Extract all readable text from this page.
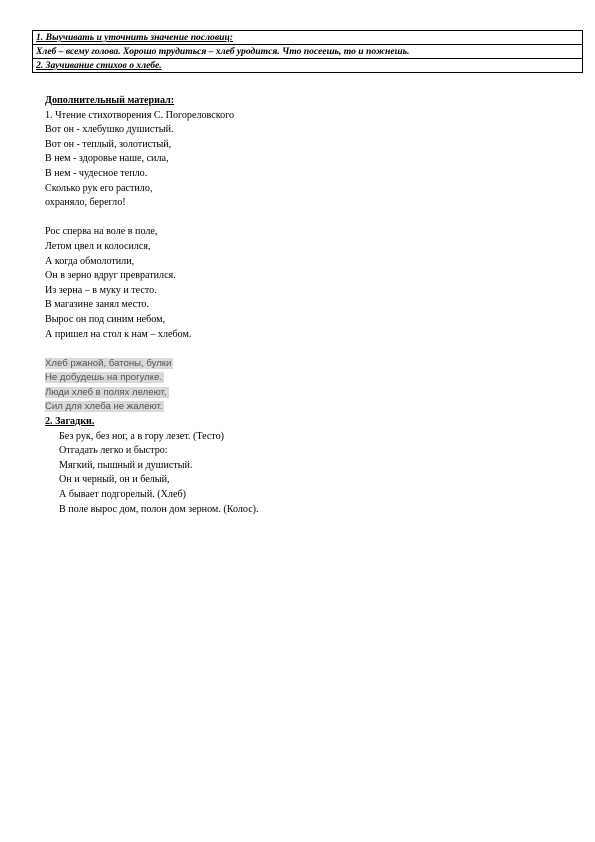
1. Выучивать и уточнить значение пословиц:
Хлеб – всему голова. Хорошо трудиться – хлеб уродится. Что посеешь, то и пожнешь.
2. Заучивание стихов о хлебе.
Дополнительный материал:
1. Чтение стихотворения С. Погореловского
Вот он - хлебушко душистый.
Вот он - теплый, золотистый,
В нем - здоровье наше, сила,
В нем - чудесное тепло.
Сколько рук его растило,
охраняло, берегло!
Рос сперва на воле в поле,
Летом цвел и колосился,
А когда обмолотили,
Он в зерно вдруг превратился.
Из зерна – в муку и тесто.
В магазине занял место.
Вырос он под синим небом,
А пришел на стол к нам – хлебом.
Хлеб ржаной, батоны, булки
Не добудешь на прогулке.
Люди хлеб в полях лелеют,
Сил для хлеба не жалеют.
2. Загадки.
Без рук, без ног, а в гору лезет. (Тесто)
Отгадать легко и быстро:
Мягкий, пышный и душистый.
Он и черный, он и белый,
А бывает подгорелый. (Хлеб)
В поле вырос дом, полон дом зерном. (Колос).
